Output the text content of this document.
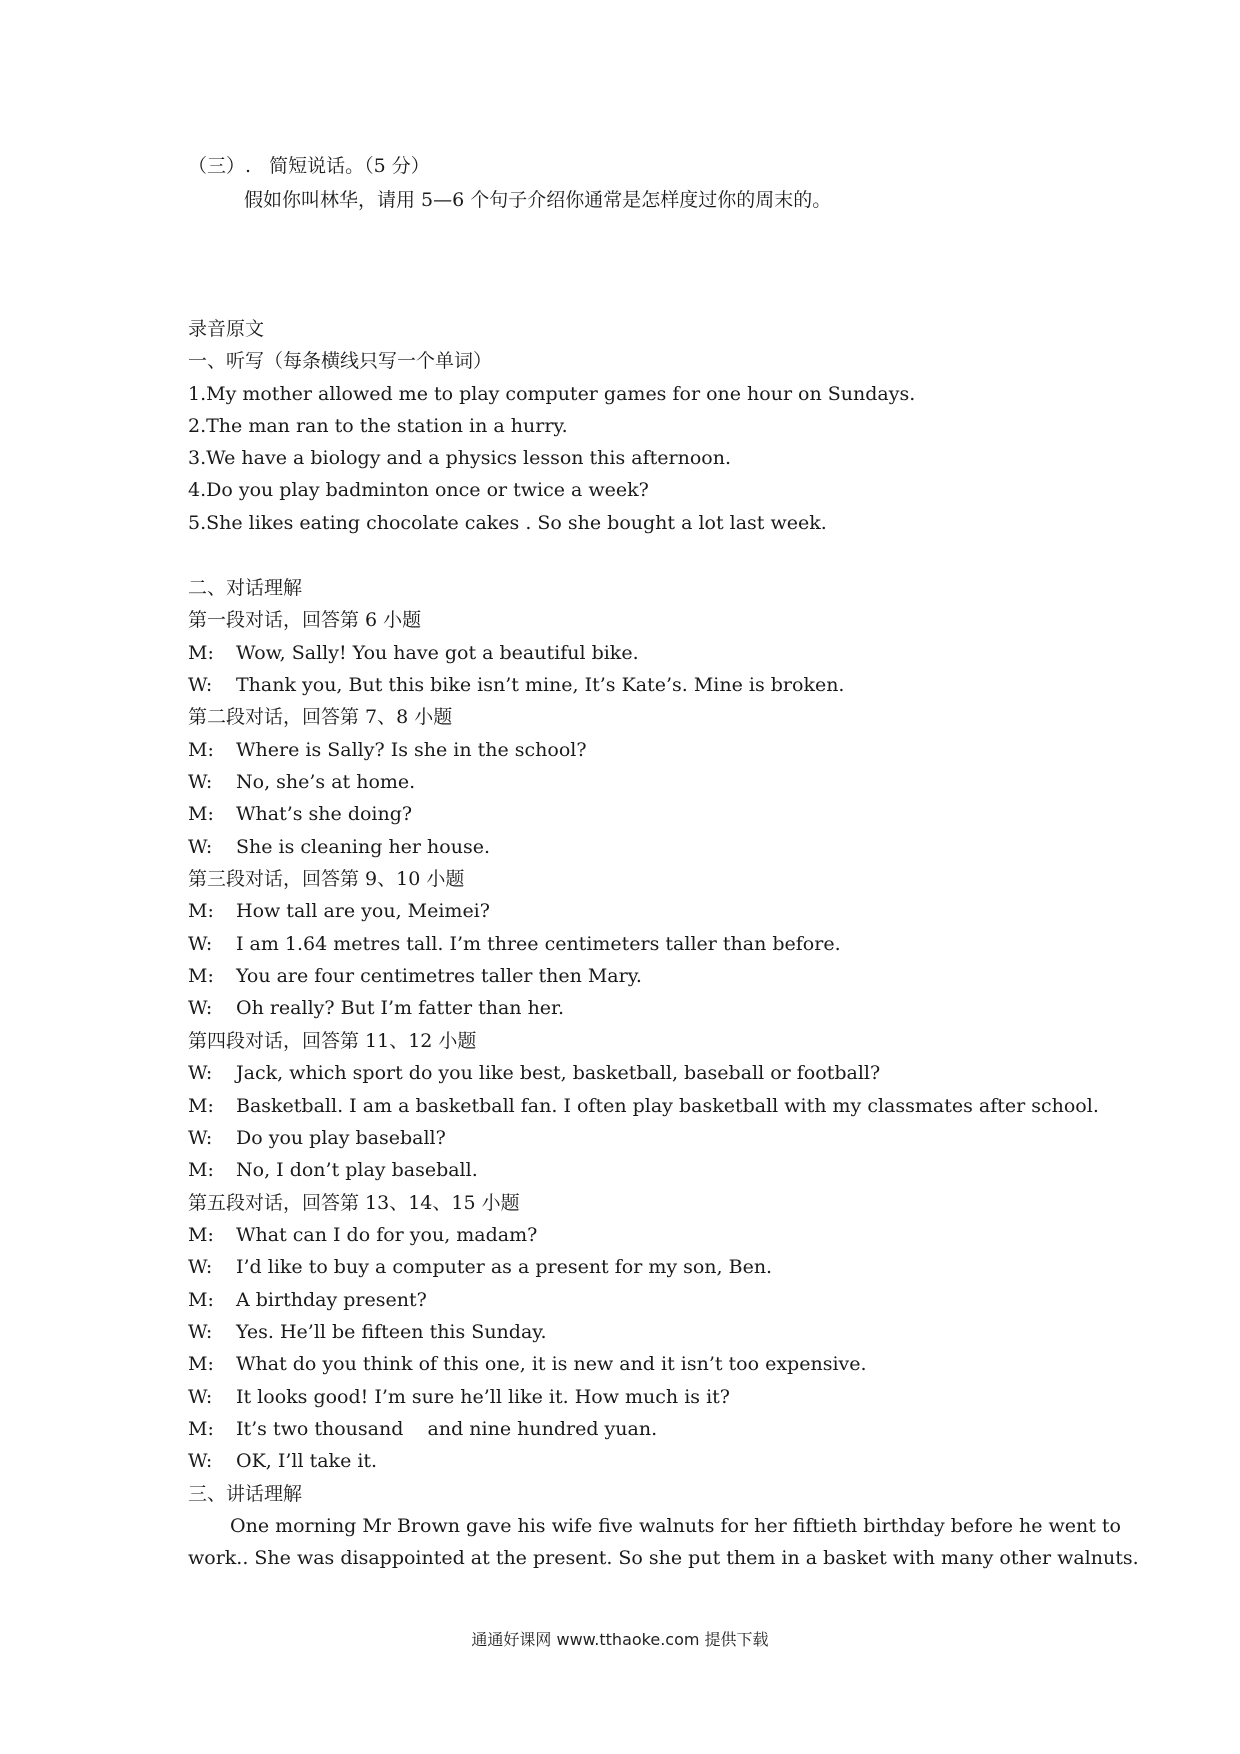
（三）.   简短说话。（5 分）
假如你叫林华，请用 5—6 个句子介绍你通常是怎样度过你的周末的。
录音原文
一、听写（每条横线只写一个单词）
1.My mother allowed me to play computer games for one hour on Sundays.
2.The man ran to the station in a hurry.
3.We have a biology and a physics lesson this afternoon.
4.Do you play badminton once or twice a week?
5.She likes eating chocolate cakes . So she bought a lot last week.
二、对话理解
第一段对话，回答第 6 小题
M: Wow, Sally! You have got a beautiful bike.
W: Thank you, But this bike isn’t mine, It’s Kate’s. Mine is broken.
第二段对话，回答第 7、8 小题
M: Where is Sally? Is she in the school?
W: No, she’s at home.
M: What’s she doing?
W: She is cleaning her house.
第三段对话，回答第 9、10 小题
M: How tall are you, Meimei?
W: I am 1.64 metres tall. I’m three centimeters taller than before.
M: You are four centimetres taller then Mary.
W: Oh really? But I’m fatter than her.
第四段对话，回答第 11、12 小题
W: Jack, which sport do you like best, basketball, baseball or football?
M: Basketball. I am a basketball fan. I often play basketball with my classmates after school.
W: Do you play baseball?
M: No, I don’t play baseball.
第五段对话，回答第 13、14、15 小题
M: What can I do for you, madam?
W: I’d like to buy a computer as a present for my son, Ben.
M: A birthday present?
W: Yes. He’ll be fifteen this Sunday.
M: What do you think of this one, it is new and it isn’t too expensive.
W: It looks good! I’m sure he’ll like it. How much is it?
M: It’s two thousand    and nine hundred yuan.
W: OK, I’ll take it.
三、讲话理解
One morning Mr Brown gave his wife five walnuts for her fiftieth birthday before he went to
work.. She was disappointed at the present. So she put them in a basket with many other walnuts.
通通好课网 www.tthaoke.com 提供下载
